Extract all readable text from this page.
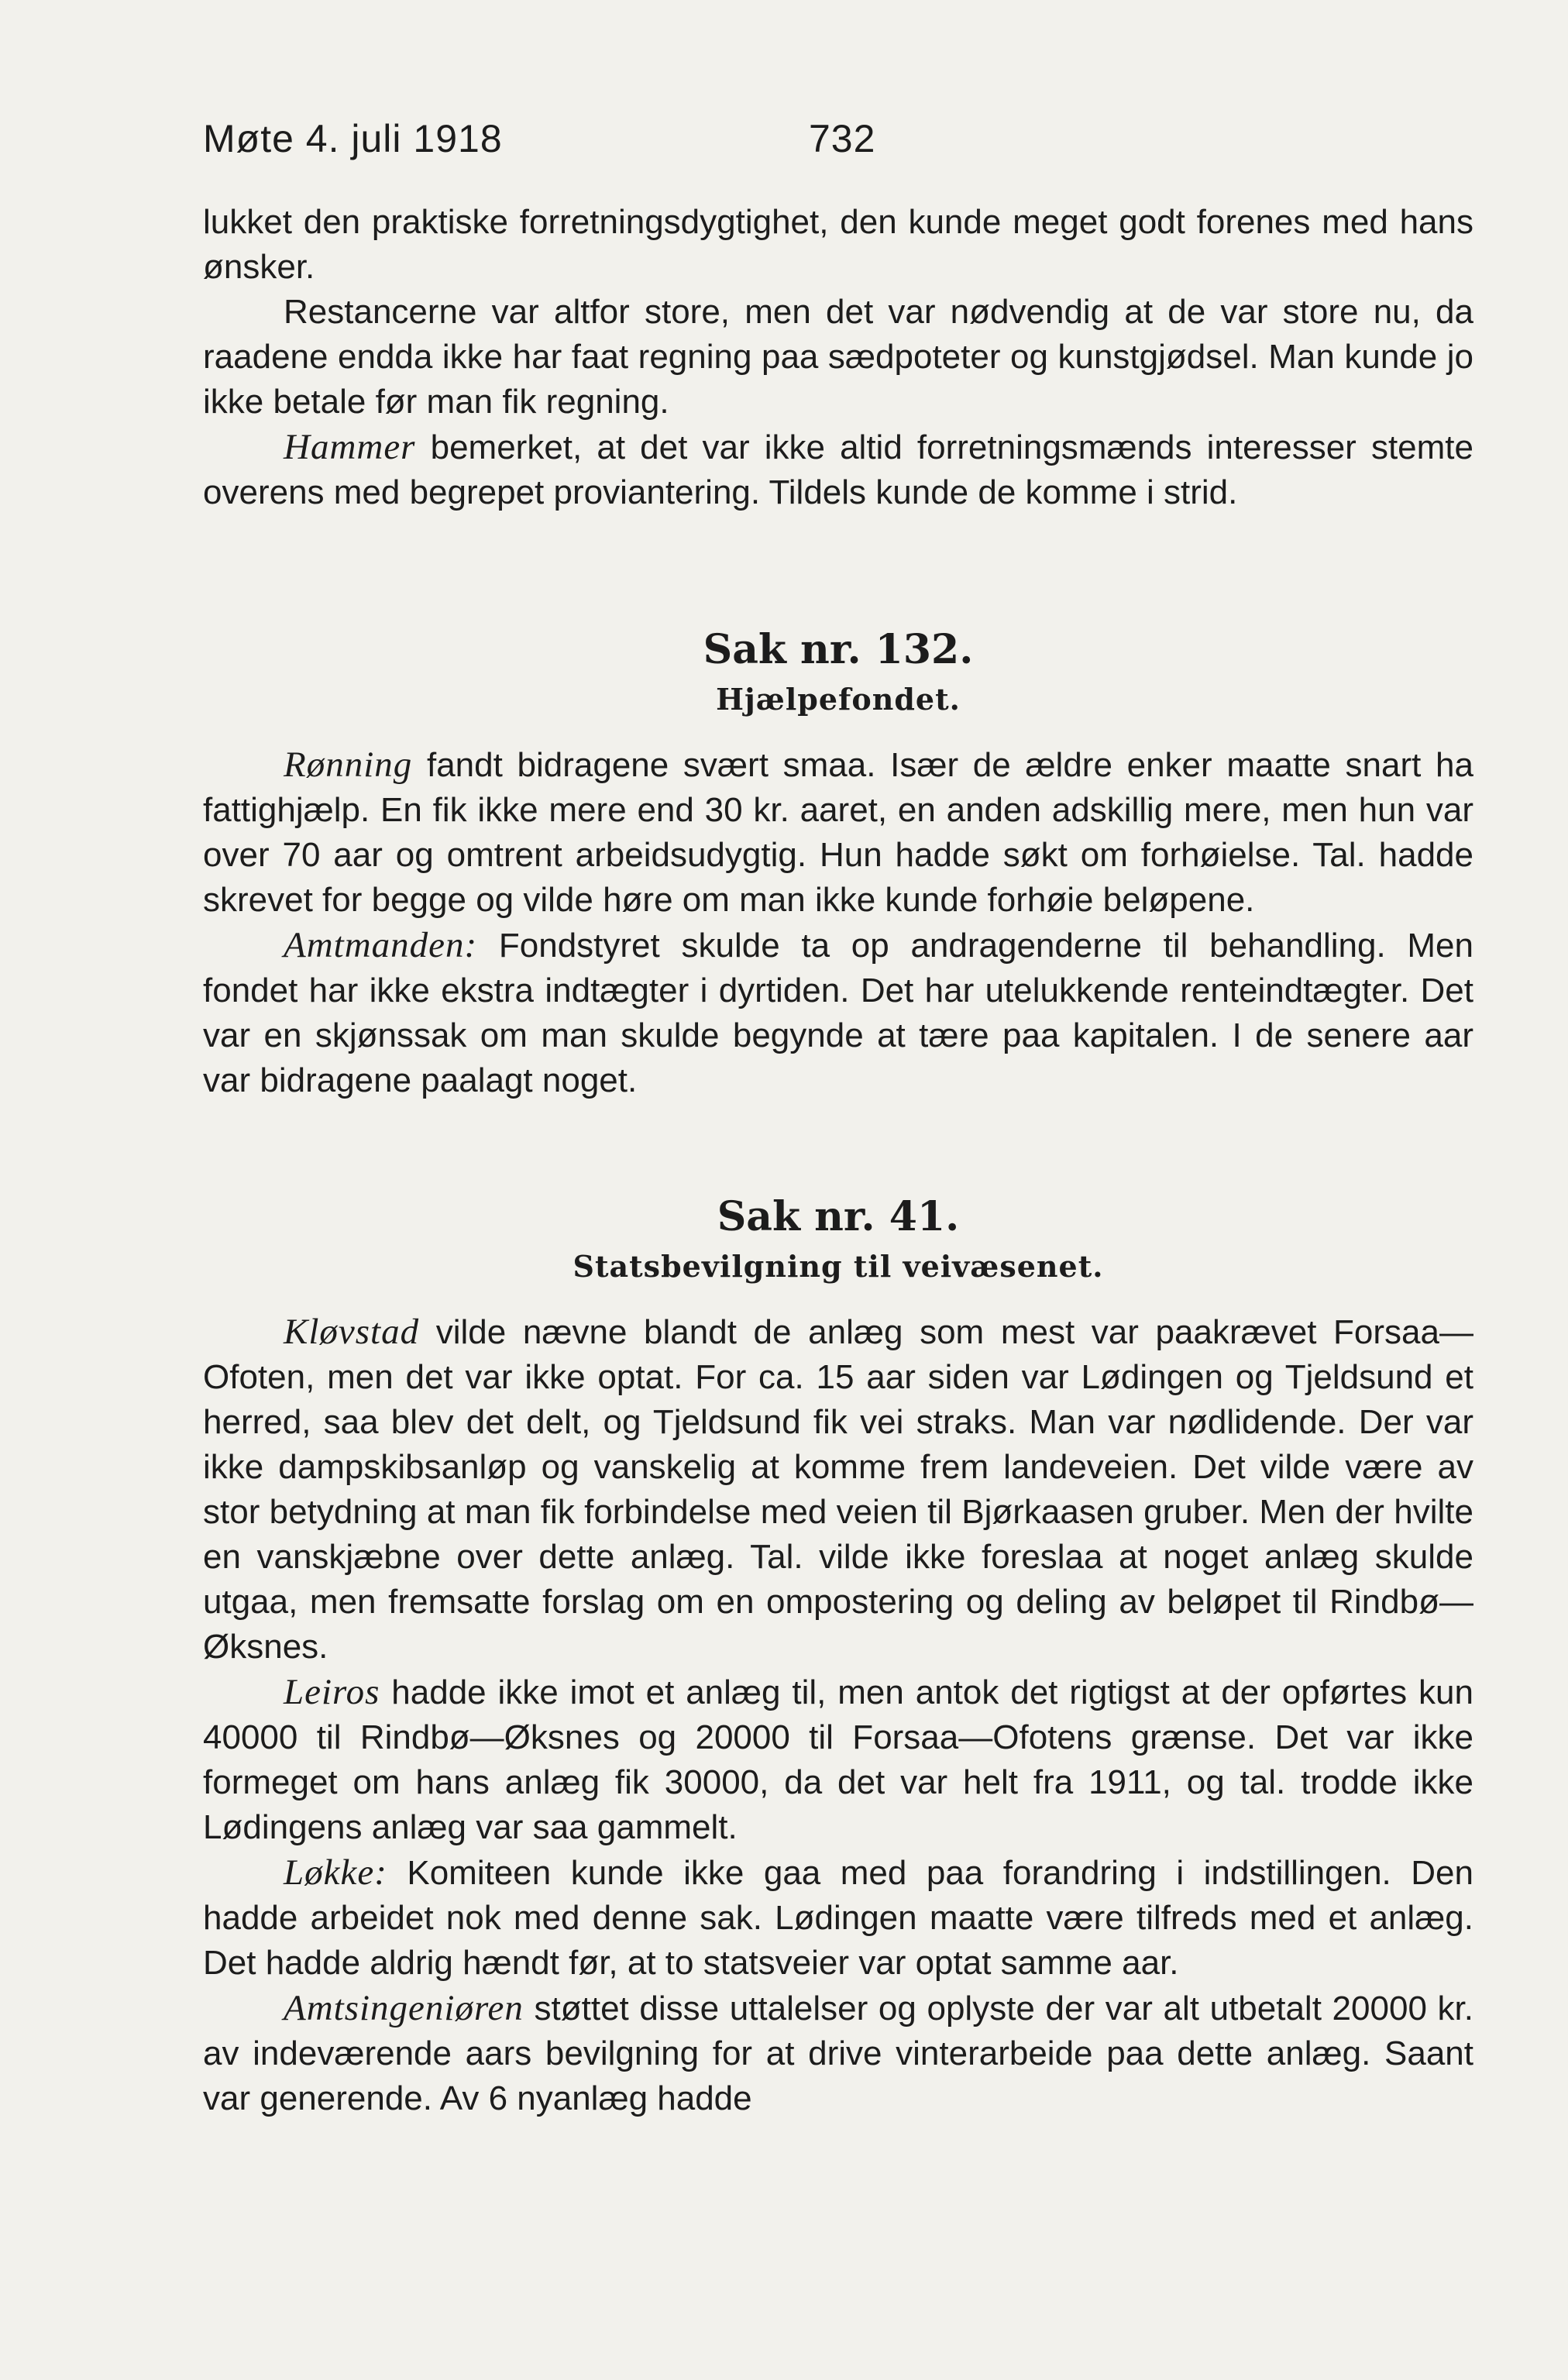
Møte 4. juli 1918	732

lukket den praktiske forretningsdygtighet, den kunde meget godt forenes med hans ønsker.

Restancerne var altfor store, men det var nødvendig at de var store nu, da raadene endda ikke har faat regning paa sædpoteter og kunstgjødsel. Man kunde jo ikke betale før man fik regning.

Hammer bemerket, at det var ikke altid forretningsmænds interesser stemte overens med begrepet proviantering. Tildels kunde de komme i strid.

Sak nr. 132.
Hjælpefondet.

Rønning fandt bidragene svært smaa. Især de ældre enker maatte snart ha fattighjælp. En fik ikke mere end 30 kr. aaret, en anden adskillig mere, men hun var over 70 aar og omtrent arbeidsudygtig. Hun hadde søkt om forhøielse. Tal. hadde skrevet for begge og vilde høre om man ikke kunde forhøie beløpene.

Amtmanden: Fondstyret skulde ta op andragenderne til behandling. Men fondet har ikke ekstra indtægter i dyrtiden. Det har utelukkende renteindtægter. Det var en skjønssak om man skulde begynde at tære paa kapitalen. I de senere aar var bidragene paalagt noget.

Sak nr. 41.
Statsbevilgning til veivæsenet.

Kløvstad vilde nævne blandt de anlæg som mest var paakrævet Forsaa—Ofoten, men det var ikke optat. For ca. 15 aar siden var Lødingen og Tjeldsund et herred, saa blev det delt, og Tjeldsund fik vei straks. Man var nødlidende. Der var ikke dampskibsanløp og vanskelig at komme frem landeveien. Det vilde være av stor betydning at man fik forbindelse med veien til Bjørkaasen gruber. Men der hvilte en vanskjæbne over dette anlæg. Tal. vilde ikke foreslaa at noget anlæg skulde utgaa, men fremsatte forslag om en ompostering og deling av beløpet til Rindbø—Øksnes.

Leiros hadde ikke imot et anlæg til, men antok det rigtigst at der opførtes kun 40000 til Rindbø—Øksnes og 20000 til Forsaa—Ofotens grænse. Det var ikke formeget om hans anlæg fik 30000, da det var helt fra 1911, og tal. trodde ikke Lødingens anlæg var saa gammelt.

Løkke: Komiteen kunde ikke gaa med paa forandring i indstillingen. Den hadde arbeidet nok med denne sak. Lødingen maatte være tilfreds med et anlæg. Det hadde aldrig hændt før, at to statsveier var optat samme aar.

Amtsingeniøren støttet disse uttalelser og oplyste der var alt utbetalt 20000 kr. av indeværende aars bevilgning for at drive vinterarbeide paa dette anlæg. Saant var generende. Av 6 nyanlæg hadde
